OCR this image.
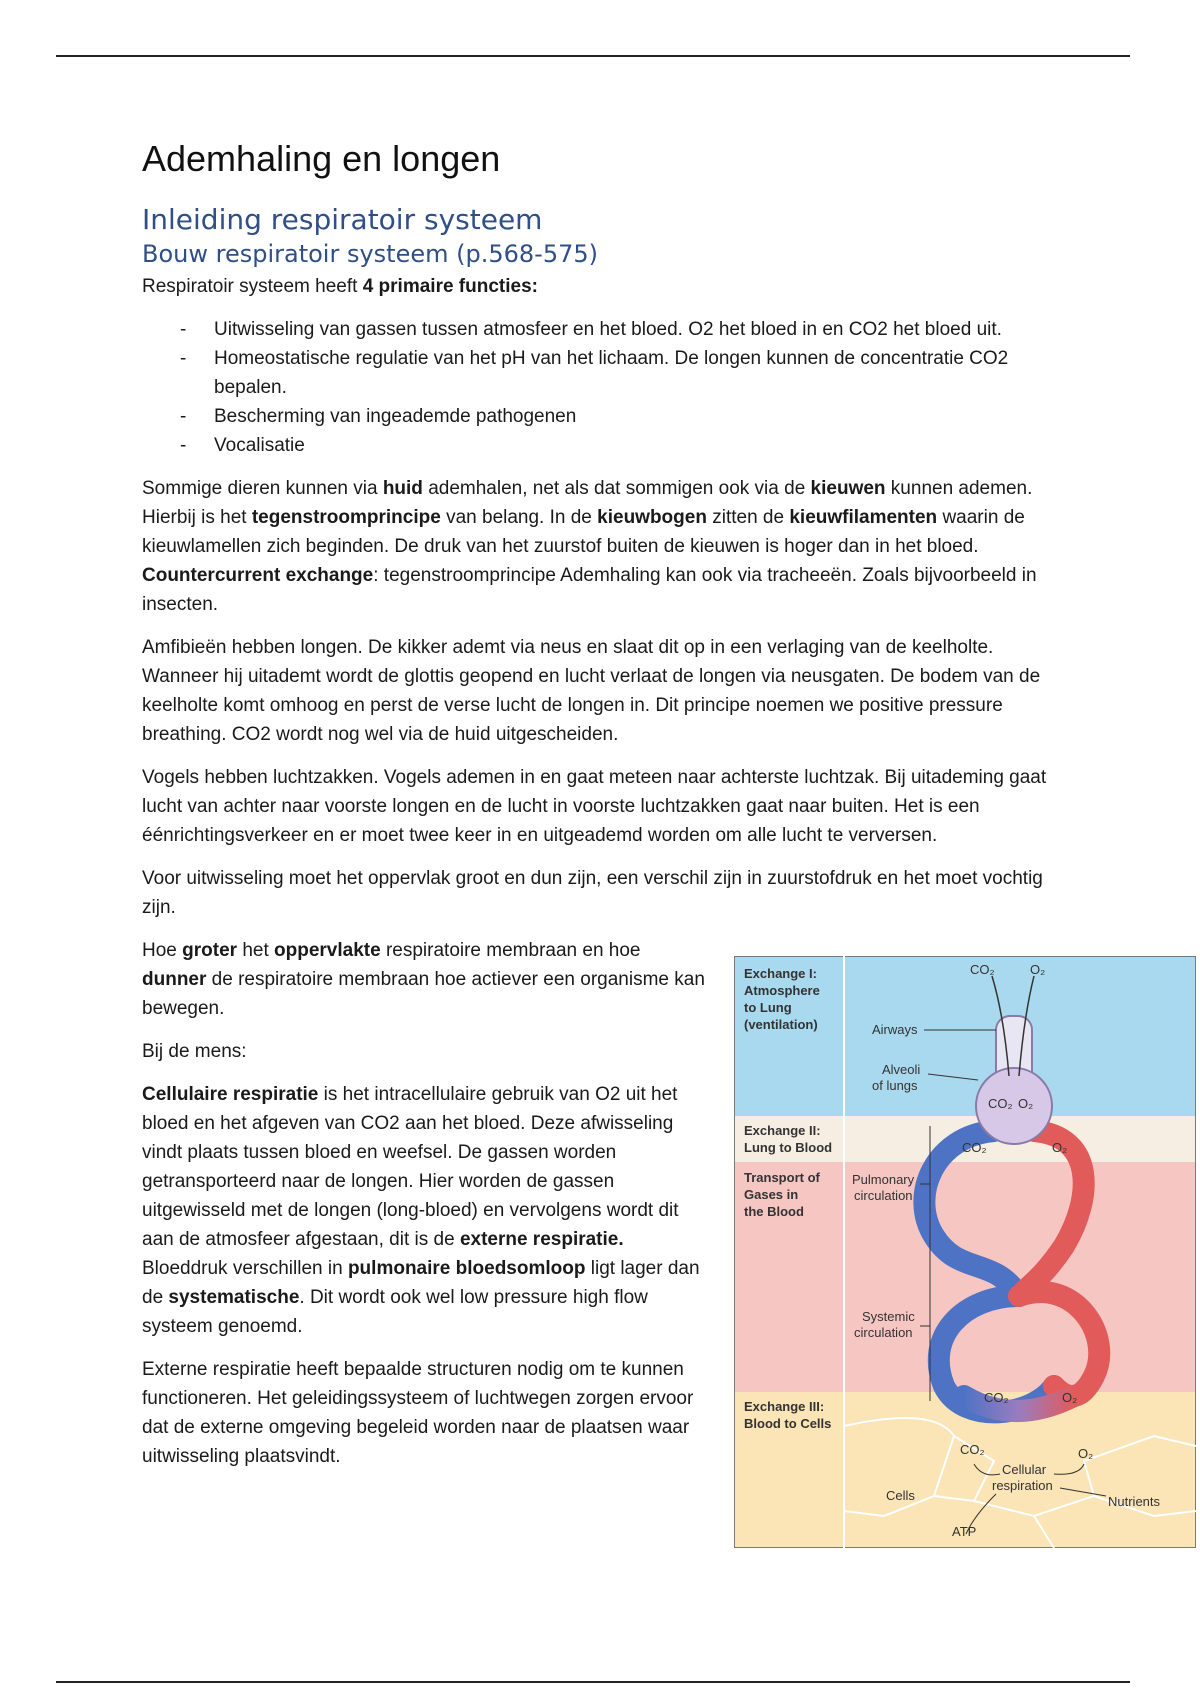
Ademhaling en longen
Inleiding respiratoir systeem
Bouw respiratoir systeem (p.568-575)

Respiratoir systeem heeft 4 primaire functies:

- Uitwisseling van gassen tussen atmosfeer en het bloed. O2 het bloed in en CO2 het bloed uit.
- Homeostatische regulatie van het pH van het lichaam. De longen kunnen de concentratie CO2 bepalen.
- Bescherming van ingeademde pathogenen
- Vocalisatie

Sommige dieren kunnen via huid ademhalen, net als dat sommigen ook via de kieuwen kunnen ademen. Hierbij is het tegenstroomprincipe van belang. In de kieuwbogen zitten de kieuwfilamenten waarin de kieuwlamellen zich beginden. De druk van het zuurstof buiten de kieuwen is hoger dan in het bloed. Countercurrent exchange: tegenstroomprincipe Ademhaling kan ook via tracheeën. Zoals bijvoorbeeld in insecten.

Amfibieën hebben longen. De kikker ademt via neus en slaat dit op in een verlaging van de keelholte. Wanneer hij uitademt wordt de glottis geopend en lucht verlaat de longen via neusgaten. De bodem van de keelholte komt omhoog en perst de verse lucht de longen in. Dit principe noemen we positive pressure breathing. CO2 wordt nog wel via de huid uitgescheiden.

Vogels hebben luchtzakken. Vogels ademen in en gaat meteen naar achterste luchtzak. Bij uitademing gaat lucht van achter naar voorste longen en de lucht in voorste luchtzakken gaat naar buiten. Het is een éénrichtingsverkeer en er moet twee keer in en uitgeademd worden om alle lucht te verversen.

Voor uitwisseling moet het oppervlak groot en dun zijn, een verschil zijn in zuurstofdruk en het moet vochtig zijn.

Hoe groter het oppervlakte respiratoire membraan en hoe dunner de respiratoire membraan hoe actiever een organisme kan bewegen.

Bij de mens:

Cellulaire respiratie is het intracellulaire gebruik van O2 uit het bloed en het afgeven van CO2 aan het bloed. Deze afwisseling vindt plaats tussen bloed en weefsel. De gassen worden getransporteerd naar de longen. Hier worden de gassen uitgewisseld met de longen (long-bloed) en vervolgens wordt dit aan de atmosfeer afgestaan, dit is de externe respiratie. Bloeddruk verschillen in pulmonaire bloedsomloop ligt lager dan de systematische. Dit wordt ook wel low pressure high flow systeem genoemd.

Externe respiratie heeft bepaalde structuren nodig om te kunnen functioneren. Het geleidingssysteem of luchtwegen zorgen ervoor dat de externe omgeving begeleid worden naar de plaatsen waar uitwisseling plaatsvindt.

Exchange I: Atmosphere to Lung (ventilation)
Exchange II: Lung to Blood
Transport of Gases in the Blood
Exchange III: Blood to Cells
CO₂	O₂
CO₂ O₂
CO₂	O₂
CO₂	O₂
CO₂	O₂
Airways
Alveoli of lungs
Pulmonary circulation
Systemic circulation
Cells
Cellular respiration
ATP
Nutrients
